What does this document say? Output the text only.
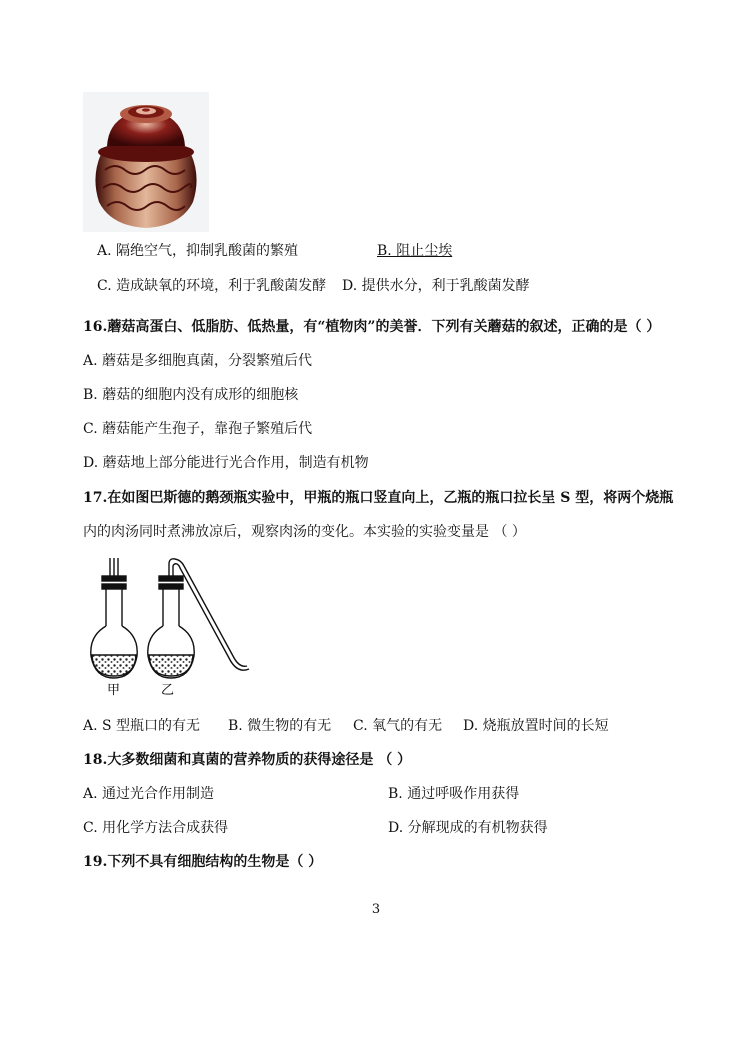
A. 隔绝空气，抑制乳酸菌的繁殖	B. 阻止尘埃
C. 造成缺氧的环境，利于乳酸菌发酵 D. 提供水分，利于乳酸菌发酵
16.蘑菇高蛋白、低脂肪、低热量，有“植物肉”的美誉．下列有关蘑菇的叙述，正确的是（ ）
A. 蘑菇是多细胞真菌，分裂繁殖后代
B. 蘑菇的细胞内没有成形的细胞核
C. 蘑菇能产生孢子，靠孢子繁殖后代
D. 蘑菇地上部分能进行光合作用，制造有机物
17.在如图巴斯德的鹅颈瓶实验中，甲瓶的瓶口竖直向上，乙瓶的瓶口拉长呈 S 型，将两个烧瓶
内的肉汤同时煮沸放凉后，观察肉汤的变化。本实验的实验变量是 （ ）
甲	乙
A. S 型瓶口的有无 B. 微生物的有无 C. 氧气的有无 D. 烧瓶放置时间的长短
18.大多数细菌和真菌的营养物质的获得途径是 （ ）
A. 通过光合作用制造	B. 通过呼吸作用获得
C. 用化学方法合成获得	D. 分解现成的有机物获得
19.下列不具有细胞结构的生物是（ ）
3
